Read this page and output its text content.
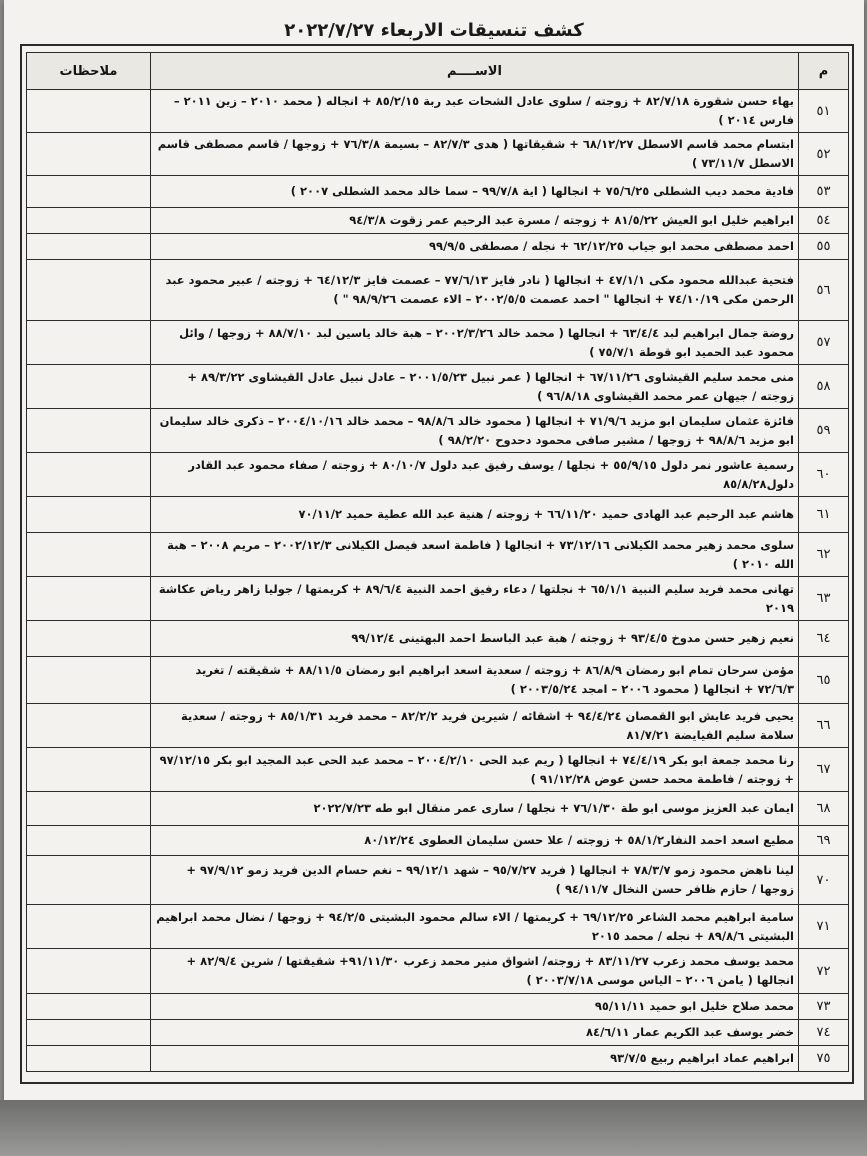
كشف تنسيقات الاربعاء ٢٠٢٢/٧/٢٧
م	الاســــم	ملاحظات
٥١	بهاء حسن شقورة ٨٢/٧/١٨ + زوجته / سلوى عادل الشحات عبد ربة ٨٥/٢/١٥ + انجاله ( محمد ٢٠١٠ – زين ٢٠١١ – فارس ٢٠١٤ )	
٥٢	ابتسام محمد قاسم الاسطل ٦٨/١٢/٢٧ + شقيقاتها ( هدى ٨٢/٧/٣ – بسيمة ٧٦/٣/٨ + زوجها / قاسم مصطفى قاسم الاسطل ٧٣/١١/٧ )	
٥٣	فادية محمد ديب الشطلى ٧٥/٦/٢٥ + انجالها ( اية ٩٩/٧/٨ – سما خالد محمد الشطلى ٢٠٠٧ )	
٥٤	ابراهيم خليل ابو العيش ٨١/٥/٢٢ + زوجته / مسرة عبد الرحيم عمر زقوت ٩٤/٣/٨	
٥٥	احمد مصطفى محمد ابو جياب ٦٢/١٢/٢٥ + نجله / مصطفى ٩٩/٩/٥	
٥٦	فتحية عبدالله محمود مكى ٤٧/١/١ + انجالها ( نادر فايز ٧٧/٦/١٣ – عصمت فايز ٦٤/١٢/٣ + زوجته / عبير محمود عبد الرحمن مكى ٧٤/١٠/١٩ + انجالها " احمد عصمت ٢٠٠٢/٥/٥ – الاء عصمت ٩٨/٩/٢٦ " )	
٥٧	روضة جمال ابراهيم لبد ٦٣/٤/٤ + انجالها ( محمد خالد ٢٠٠٢/٣/٢٦ – هبة خالد ياسين لبد ٨٨/٧/١٠ + زوجها / وائل محمود عبد الحميد ابو قوطة ٧٥/٧/١ )	
٥٨	منى محمد سليم القيشاوى ٦٧/١١/٢٦ + انجالها ( عمر نبيل ٢٠٠١/٥/٢٣ – عادل نبيل عادل القيشاوى ٨٩/٣/٢٢ + زوجته / جيهان عمر محمد القيشاوى ٩٦/٨/١٨ )	
٥٩	فائزة عثمان سليمان ابو مزيد ٧١/٩/٦ + انجالها ( محمود خالد ٩٨/٨/٦ – محمد خالد ٢٠٠٤/١٠/١٦ – ذكرى خالد سليمان ابو مزيد ٩٨/٨/٦ + زوجها / مشير صافى محمود دحدوح ٩٨/٢/٢٠ )	
٦٠	رسمية عاشور نمر دلول ٥٥/٩/١٥ + نجلها / يوسف رفيق عبد دلول ٨٠/١٠/٧ + زوجته / صفاء محمود عبد القادر دلول٨٥/٨/٢٨	
٦١	هاشم عبد الرحيم عبد الهادى حميد ٦٦/١١/٢٠ + زوجته / هنية عبد الله عطية حميد ٧٠/١١/٢	
٦٢	سلوى محمد زهير محمد الكيلانى ٧٣/١٢/١٦ + انجالها ( فاطمة اسعد فيصل الكيلانى ٢٠٠٢/١٢/٣ – مريم ٢٠٠٨ – هبة الله ٢٠١٠ )	
٦٣	تهانى محمد فريد سليم النبية ٦٥/١/١ + نجلتها / دعاء رفيق احمد النبية ٨٩/٦/٤ + كريمتها / جوليا زاهر رياض عكاشة ٢٠١٩	
٦٤	نعيم زهير حسن مدوخ ٩٣/٤/٥ + زوجته / هبة عبد الباسط احمد البهتينى ٩٩/١٢/٤	
٦٥	مؤمن سرحان تمام ابو رمضان ٨٦/٨/٩ + زوجته / سعدية اسعد ابراهيم ابو رمضان ٨٨/١١/٥ + شقيقته / تغريد ٧٢/٦/٣ + انجالها ( محمود ٢٠٠٦ – امجد ٢٠٠٣/٥/٢٤ )	
٦٦	يحيى فريد عايش ابو القمصان ٩٤/٤/٢٤ + اشقائه / شيرين فريد ٨٢/٢/٢ – محمد فريد ٨٥/١/٣١ + زوجته / سعدية سلامة سليم الفيايضة ٨١/٧/٢١	
٦٧	رنا محمد جمعة ابو بكر ٧٤/٤/١٩ + انجالها ( ريم عبد الحى ٢٠٠٤/٢/١٠ – محمد عبد الحى عبد المجيد ابو بكر ٩٧/١٢/١٥ + زوجته / فاطمة محمد حسن عوض ٩١/١٢/٢٨ )	
٦٨	ايمان عبد العزيز موسى ابو طة ٧٦/١/٣٠ + نجلها / سارى عمر منقال ابو طه ٢٠٢٢/٧/٢٣	
٦٩	مطيع اسعد احمد النفار٥٨/١/٢ + زوجته / علا حسن سليمان العطوى ٨٠/١٢/٢٤	
٧٠	لينا ناهض محمود زمو ٧٨/٣/٧ + انجالها ( فريد ٩٥/٧/٢٧ – شهد ٩٩/١٢/١ – نغم حسام الدين فريد زمو ٩٧/٩/١٢ + زوجها / حازم ظافر حسن النخال ٩٤/١١/٧ )	
٧١	سامية ابراهيم محمد الشاعر ٦٩/١٢/٢٥ + كريمتها / الاء سالم محمود البشيتى ٩٤/٢/٥ + زوجها / نضال محمد ابراهيم البشيتى ٨٩/٨/٦ + نجله / محمد ٢٠١٥	
٧٢	محمد يوسف محمد زعرب ٨٣/١١/٢٧ + زوجته/ اشواق منير محمد زعرب ٩١/١١/٣٠+ شقيقتها / شرين ٨٢/٩/٤ + انجالها ( يامن ٢٠٠٦ – الياس موسى ٢٠٠٣/٧/١٨ )	
٧٣	محمد صلاح خليل ابو حميد ٩٥/١١/١١	
٧٤	خضر يوسف عبد الكريم عمار ٨٤/٦/١١	
٧٥	ابراهيم عماد ابراهيم ربيع ٩٣/٧/٥	
